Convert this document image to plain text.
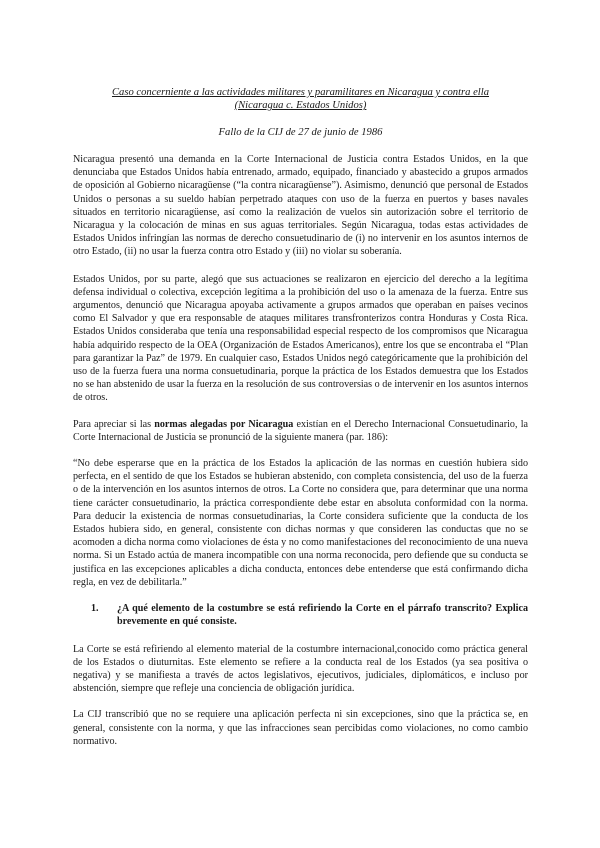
Caso concerniente a las actividades militares y paramilitares en Nicaragua y contra ella
(Nicaragua c. Estados Unidos)
Fallo de la CIJ de 27 de junio de 1986

Nicaragua presentó una demanda en la Corte Internacional de Justicia contra Estados Unidos, en la que denunciaba que Estados Unidos había entrenado, armado, equipado, financiado y abastecido a grupos armados de oposición al Gobierno nicaragüense (“la contra nicaragüense”). Asimismo, denunció que personal de Estados Unidos o personas a su sueldo habían perpetrado ataques con uso de la fuerza en puertos y bases navales situados en territorio nicaragüense, así como la realización de vuelos sin autorización sobre el territorio de Nicaragua y la colocación de minas en sus aguas territoriales. Según Nicaragua, todas estas actividades de Estados Unidos infringían las normas de derecho consuetudinario de (i) no intervenir en los asuntos internos de otro Estado, (ii) no usar la fuerza contra otro Estado y (iii) no violar su soberanía.

Estados Unidos, por su parte, alegó que sus actuaciones se realizaron en ejercicio del derecho a la legítima defensa individual o colectiva, excepción legítima a la prohibición del uso o la amenaza de la fuerza. Entre sus argumentos, denunció que Nicaragua apoyaba activamente a grupos armados que operaban en países vecinos como El Salvador y que era responsable de ataques militares transfronterizos contra Honduras y Costa Rica. Estados Unidos consideraba que tenía una responsabilidad especial respecto de los compromisos que Nicaragua había adquirido respecto de la OEA (Organización de Estados Americanos), entre los que se encontraba el “Plan para garantizar la Paz” de 1979. En cualquier caso, Estados Unidos negó categóricamente que la prohibición del uso de la fuerza fuera una norma consuetudinaria, porque la práctica de los Estados demuestra que los Estados no se han abstenido de usar la fuerza en la resolución de sus controversias o de intervenir en los asuntos internos de otros.

Para apreciar si las normas alegadas por Nicaragua existían en el Derecho Internacional Consuetudinario, la Corte Internacional de Justicia se pronunció de la siguiente manera (par. 186):

“No debe esperarse que en la práctica de los Estados la aplicación de las normas en cuestión hubiera sido perfecta, en el sentido de que los Estados se hubieran abstenido, con completa consistencia, del uso de la fuerza o de la intervención en los asuntos internos de otros. La Corte no considera que, para determinar que una norma tiene carácter consuetudinario, la práctica correspondiente debe estar en absoluta conformidad con la norma. Para deducir la existencia de normas consuetudinarias, la Corte considera suficiente que la conducta de los Estados hubiera sido, en general, consistente con dichas normas y que consideren las conductas que no se acomoden a dicha norma como violaciones de ésta y no como manifestaciones del reconocimiento de una nueva norma. Si un Estado actúa de manera incompatible con una norma reconocida, pero defiende que su conducta se justifica en las excepciones aplicables a dicha conducta, entonces debe entenderse que está confirmando dicha regla, en vez de debilitarla.”

1.	¿A qué elemento de la costumbre se está refiriendo la Corte en el párrafo transcrito? Explica brevemente en qué consiste.

La Corte se está refiriendo al elemento material de la costumbre internacional,conocido como práctica general de los Estados o diuturnitas. Este elemento se refiere a la conducta real de los Estados (ya sea positiva o negativa) y se manifiesta a través de actos legislativos, ejecutivos, judiciales, diplomáticos, e incluso por abstención, siempre que refleje una conciencia de obligación jurídica.

La CIJ transcribió que no se requiere una aplicación perfecta ni sin excepciones, sino que la práctica se, en general, consistente con la norma, y que las infracciones sean percibidas como violaciones, no como cambio normativo.
